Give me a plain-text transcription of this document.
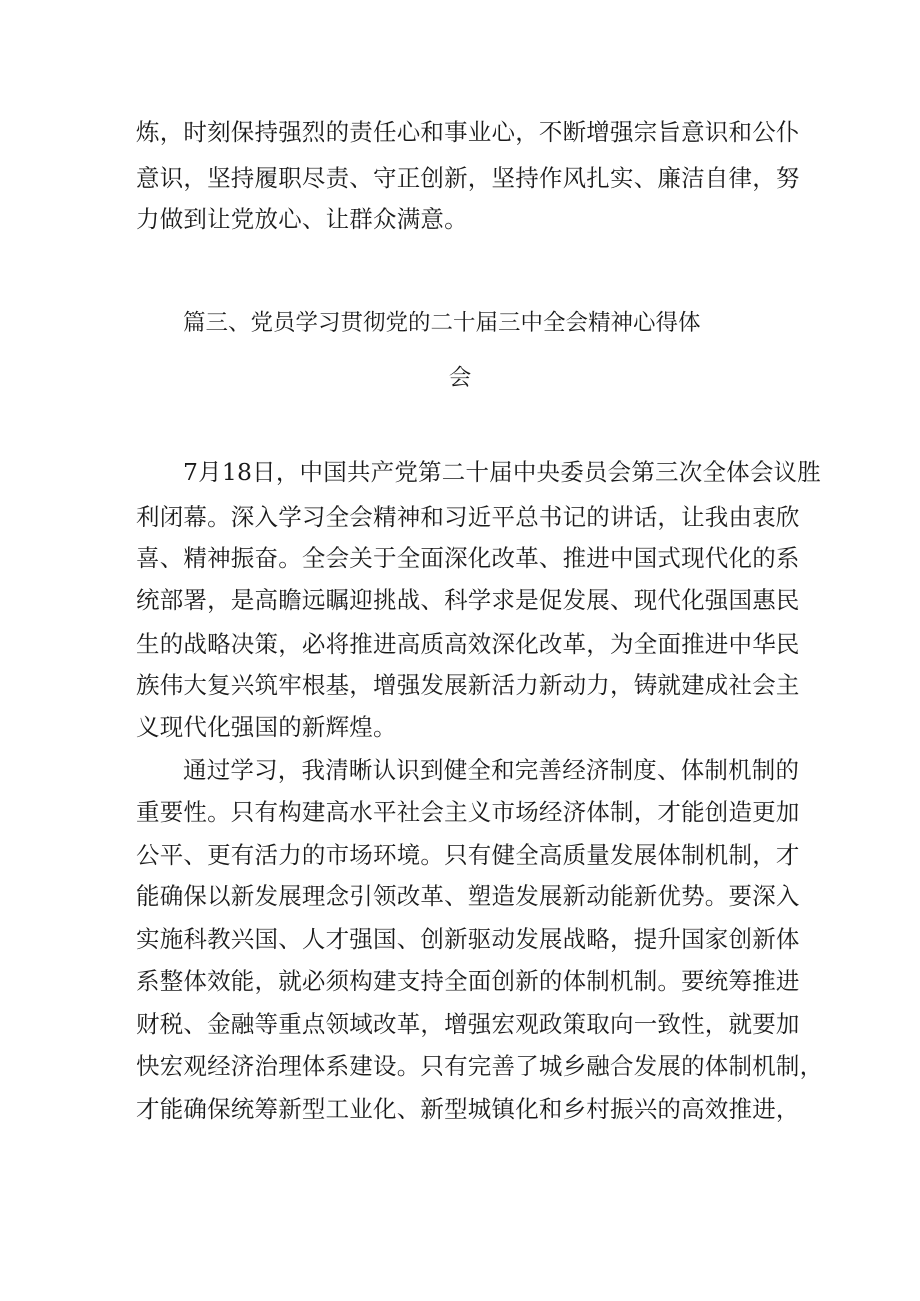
炼，时刻保持强烈的责任心和事业心，不断增强宗旨意识和公仆
意识，坚持履职尽责、守正创新，坚持作风扎实、廉洁自律，努
力做到让党放心、让群众满意。
篇三、党员学习贯彻党的二十届三中全会精神心得体
会
7月18日，中国共产党第二十届中央委员会第三次全体会议胜
利闭幕。深入学习全会精神和习近平总书记的讲话，让我由衷欣
喜、精神振奋。全会关于全面深化改革、推进中国式现代化的系
统部署，是高瞻远瞩迎挑战、科学求是促发展、现代化强国惠民
生的战略决策，必将推进高质高效深化改革，为全面推进中华民
族伟大复兴筑牢根基，增强发展新活力新动力，铸就建成社会主
义现代化强国的新辉煌。
通过学习，我清晰认识到健全和完善经济制度、体制机制的
重要性。只有构建高水平社会主义市场经济体制，才能创造更加
公平、更有活力的市场环境。只有健全高质量发展体制机制，才
能确保以新发展理念引领改革、塑造发展新动能新优势。要深入
实施科教兴国、人才强国、创新驱动发展战略，提升国家创新体
系整体效能，就必须构建支持全面创新的体制机制。要统筹推进
财税、金融等重点领域改革，增强宏观政策取向一致性，就要加
快宏观经济治理体系建设。只有完善了城乡融合发展的体制机制，
才能确保统筹新型工业化、新型城镇化和乡村振兴的高效推进，
